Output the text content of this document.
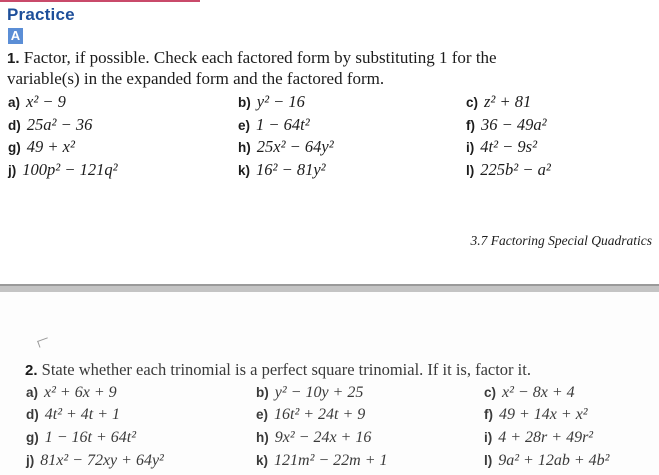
Practice
A
1. Factor, if possible. Check each factored form by substituting 1 for the
variable(s) in the expanded form and the factored form.
a) x² − 9	b) y² − 16	c) z² + 81
d) 25a² − 36	e) 1 − 64t²	f) 36 − 49a²
g) 49 + x²	h) 25x² − 64y²	i) 4t² − 9s²
j) 100p² − 121q²	k) 16² − 81y²	l) 225b² − a²
3.7 Factoring Special Quadratics
2. State whether each trinomial is a perfect square trinomial. If it is, factor it.
a) x² + 6x + 9	b) y² − 10y + 25	c) x² − 8x + 4
d) 4t² + 4t + 1	e) 16t² + 24t + 9	f) 49 + 14x + x²
g) 1 − 16t + 64t²	h) 9x² − 24x + 16	i) 4 + 28r + 49r²
j) 81x² − 72xy + 64y²	k) 121m² − 22m + 1	l) 9a² + 12ab + 4b²
